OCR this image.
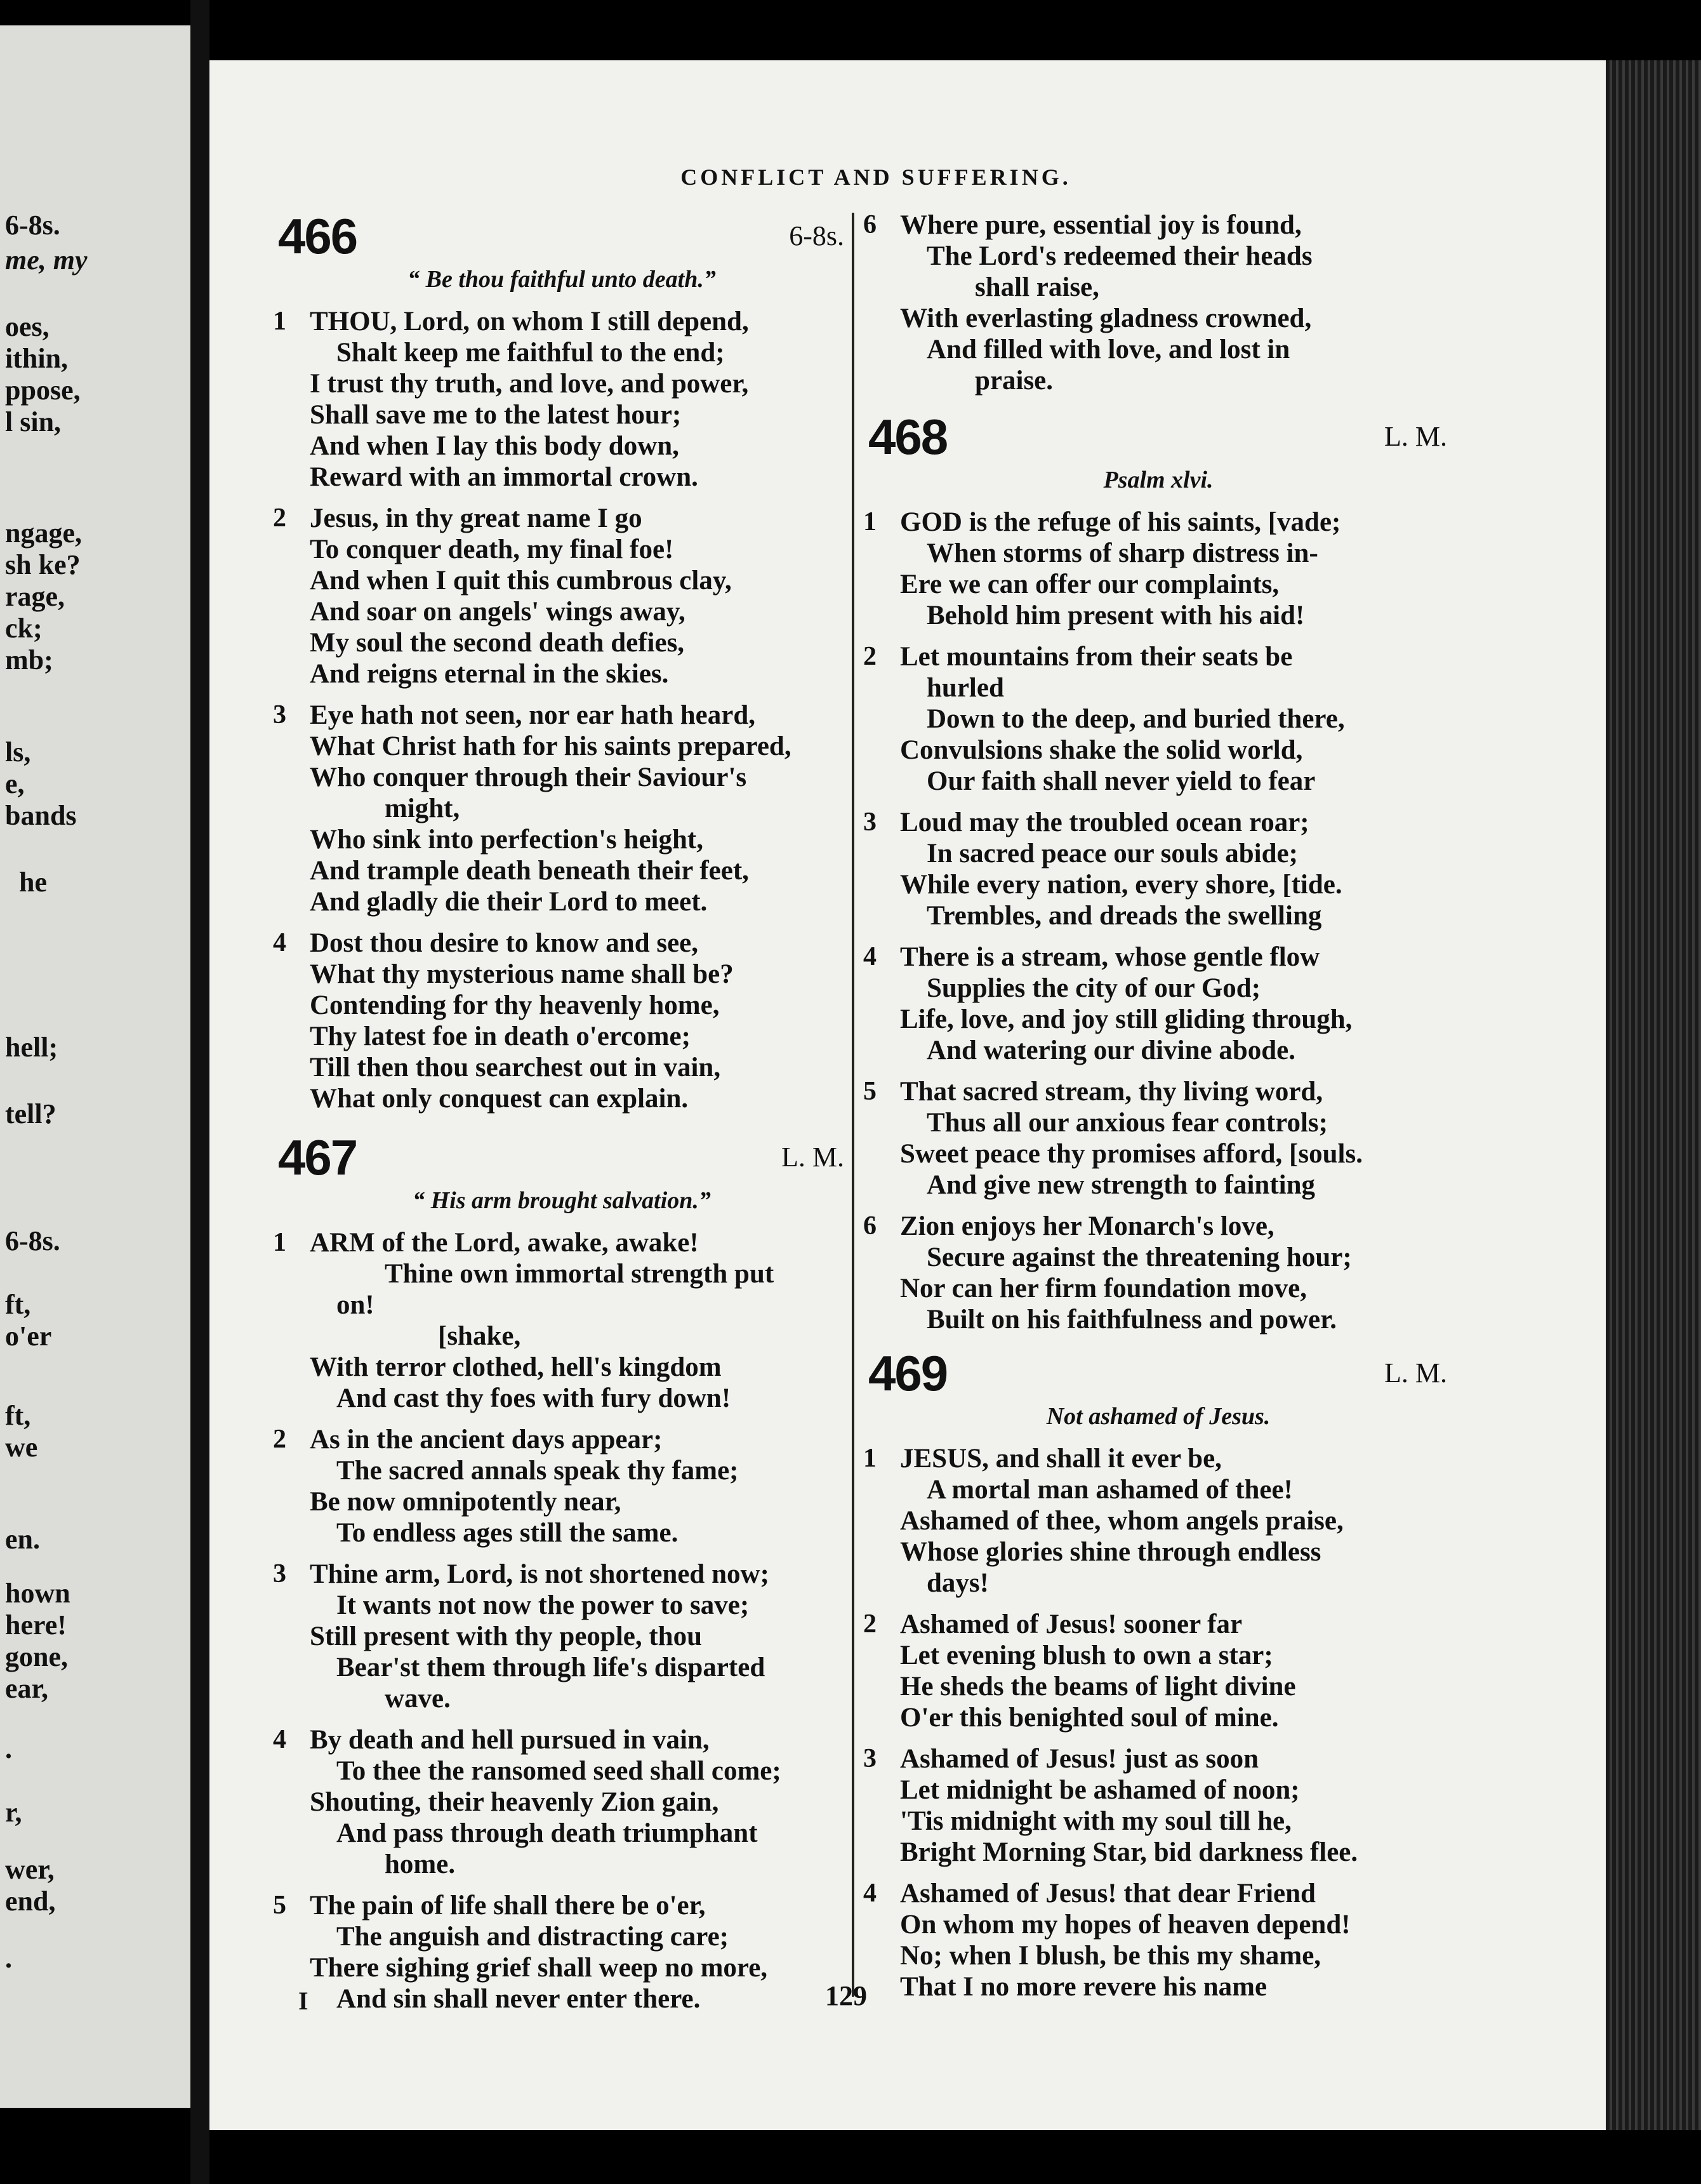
6-8s.
me, my
oes,
ithin,
ppose,
l sin,
ngage,
sh ke?
rage,
ck;
mb;
ls,
e,
bands
he
hell;
tell?
6-8s.
ft,
o'er
ft,
we
en.
hown
here!
gone,
ear,
.
r,
wer,
end,
.
CONFLICT AND SUFFERING.
466	6-8s.
“ Be thou faithful unto death.”
1 THOU, Lord, on whom I still depend,
Shalt keep me faithful to the end;
I trust thy truth, and love, and power,
Shall save me to the latest hour;
And when I lay this body down,
Reward with an immortal crown.
2 Jesus, in thy great name I go
To conquer death, my final foe!
And when I quit this cumbrous clay,
And soar on angels' wings away,
My soul the second death defies,
And reigns eternal in the skies.
3 Eye hath not seen, nor ear hath heard,
What Christ hath for his saints prepared,
Who conquer through their Saviour's
might,
Who sink into perfection's height,
And trample death beneath their feet,
And gladly die their Lord to meet.
4 Dost thou desire to know and see,
What thy mysterious name shall be?
Contending for thy heavenly home,
Thy latest foe in death o'ercome;
Till then thou searchest out in vain,
What only conquest can explain.
467	L. M.
“ His arm brought salvation.”
1 ARM of the Lord, awake, awake!
Thine own immortal strength put
on!
[shake,
With terror clothed, hell's kingdom
And cast thy foes with fury down!
2 As in the ancient days appear;
The sacred annals speak thy fame;
Be now omnipotently near,
To endless ages still the same.
3 Thine arm, Lord, is not shortened now;
It wants not now the power to save;
Still present with thy people, thou
Bear'st them through life's disparted
wave.
4 By death and hell pursued in vain,
To thee the ransomed seed shall come;
Shouting, their heavenly Zion gain,
And pass through death triumphant
home.
5 The pain of life shall there be o'er,
The anguish and distracting care;
There sighing grief shall weep no more,
And sin shall never enter there.
6 Where pure, essential joy is found,
The Lord's redeemed their heads
shall raise,
With everlasting gladness crowned,
And filled with love, and lost in
praise.
468	L. M.
Psalm xlvi.
1 GOD is the refuge of his saints, [vade;
When storms of sharp distress in-
Ere we can offer our complaints,
Behold him present with his aid!
2 Let mountains from their seats be
hurled
Down to the deep, and buried there,
Convulsions shake the solid world,
Our faith shall never yield to fear
3 Loud may the troubled ocean roar;
In sacred peace our souls abide;
While every nation, every shore, [tide.
Trembles, and dreads the swelling
4 There is a stream, whose gentle flow
Supplies the city of our God;
Life, love, and joy still gliding through,
And watering our divine abode.
5 That sacred stream, thy living word,
Thus all our anxious fear controls;
Sweet peace thy promises afford, [souls.
And give new strength to fainting
6 Zion enjoys her Monarch's love,
Secure against the threatening hour;
Nor can her firm foundation move,
Built on his faithfulness and power.
469	L. M.
Not ashamed of Jesus.
1 JESUS, and shall it ever be,
A mortal man ashamed of thee!
Ashamed of thee, whom angels praise,
Whose glories shine through endless
days!
2 Ashamed of Jesus! sooner far
Let evening blush to own a star;
He sheds the beams of light divine
O'er this benighted soul of mine.
3 Ashamed of Jesus! just as soon
Let midnight be ashamed of noon;
'Tis midnight with my soul till he,
Bright Morning Star, bid darkness flee.
4 Ashamed of Jesus! that dear Friend
On whom my hopes of heaven depend!
No; when I blush, be this my shame,
That I no more revere his name
I	129
